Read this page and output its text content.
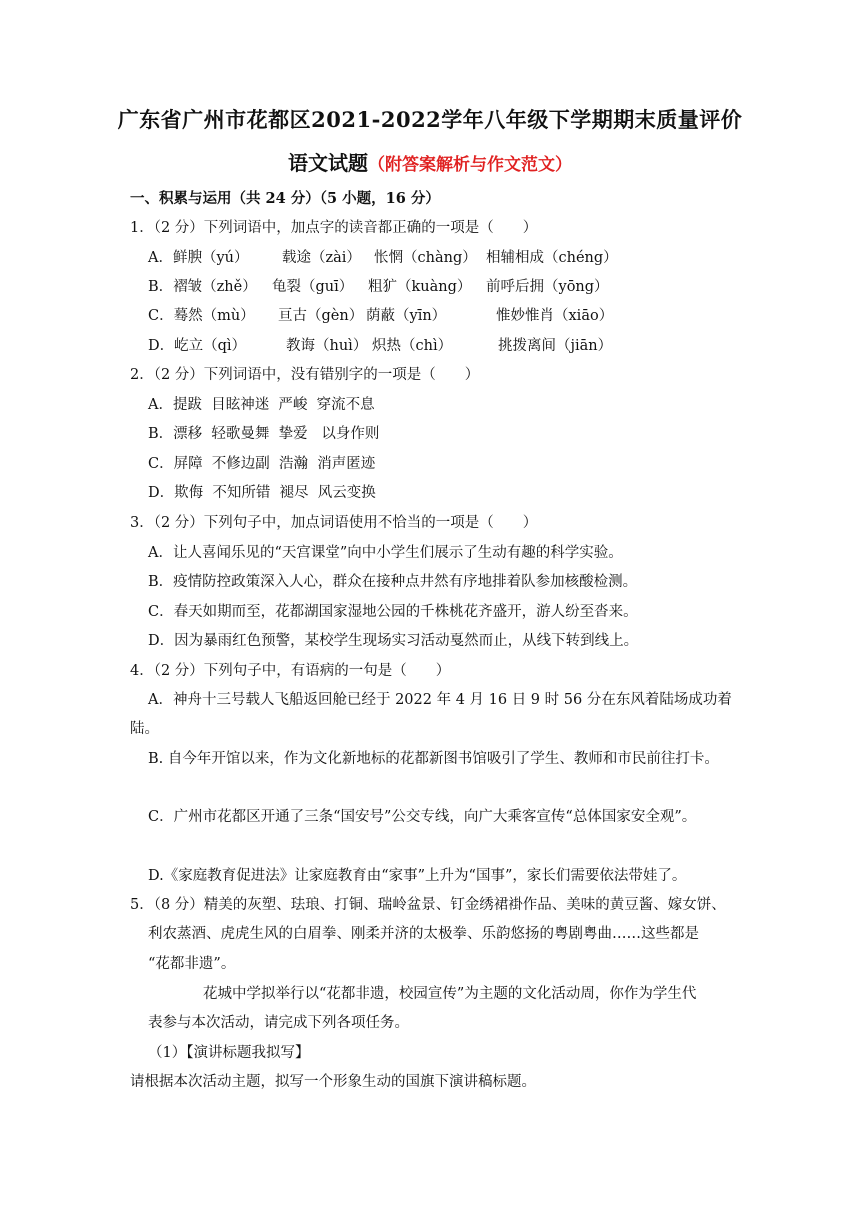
广东省广州市花都区2021-2022学年八年级下学期期末质量评价
语文试题（附答案解析与作文范文）
一、积累与运用（共 24 分）（5 小题，16 分）
1．（2 分）下列词语中，加点字的读音都正确的一项是（　　）
A．鲜腴（yú） 载途（zài） 怅惘（chàng） 相辅相成（chéng）
B．褶皱（zhě） 龟裂（guī） 粗犷（kuàng） 前呼后拥（yōng）
C．蓦然（mù） 亘古（gèn） 荫蔽（yīn）	惟妙惟肖（xiāo）
D．屹立（qì）	教诲（huì） 炽热（chì）	挑拨离间（jiān）
2．（2 分）下列词语中，没有错别字的一项是（　　）
A．提跋  目眩神迷  严峻  穿流不息
B．漂移  轻歌曼舞  挚爱   以身作则
C．屏障  不修边副  浩瀚  消声匿迹
D．欺侮  不知所错  褪尽  风云变换
3．（2 分）下列句子中，加点词语使用不恰当的一项是（　　）
A．让人喜闻乐见的“天宫课堂”向中小学生们展示了生动有趣的科学实验。
B．疫情防控政策深入人心，群众在接种点井然有序地排着队参加核酸检测。
C．春天如期而至，花都湖国家湿地公园的千株桃花齐盛开，游人纷至沓来。
D．因为暴雨红色预警，某校学生现场实习活动戛然而止，从线下转到线上。
4．（2 分）下列句子中，有语病的一句是（　　）
A．神舟十三号载人飞船返回舱已经于 2022 年 4 月 16 日 9 时 56 分在东风着陆场成功着
陆。
B. 自今年开馆以来，作为文化新地标的花都新图书馆吸引了学生、教师和市民前往打卡。
C．广州市花都区开通了三条“国安号”公交专线，向广大乘客宣传“总体国家安全观”。
D.《家庭教育促进法》让家庭教育由“家事”上升为“国事”，家长们需要依法带娃了。
5．（8 分）精美的灰塑、珐琅、打铜、瑞岭盆景、钉金绣裙褂作品、美味的黄豆酱、嫁女饼、
利农蒸酒、虎虎生风的白眉拳、刚柔并济的太极拳、乐韵悠扬的粤剧粤曲……这些都是
“花都非遗”。
花城中学拟举行以“花都非遗，校园宣传”为主题的文化活动周，你作为学生代
表参与本次活动，请完成下列各项任务。
（1）【演讲标题我拟写】
请根据本次活动主题，拟写一个形象生动的国旗下演讲稿标题。
